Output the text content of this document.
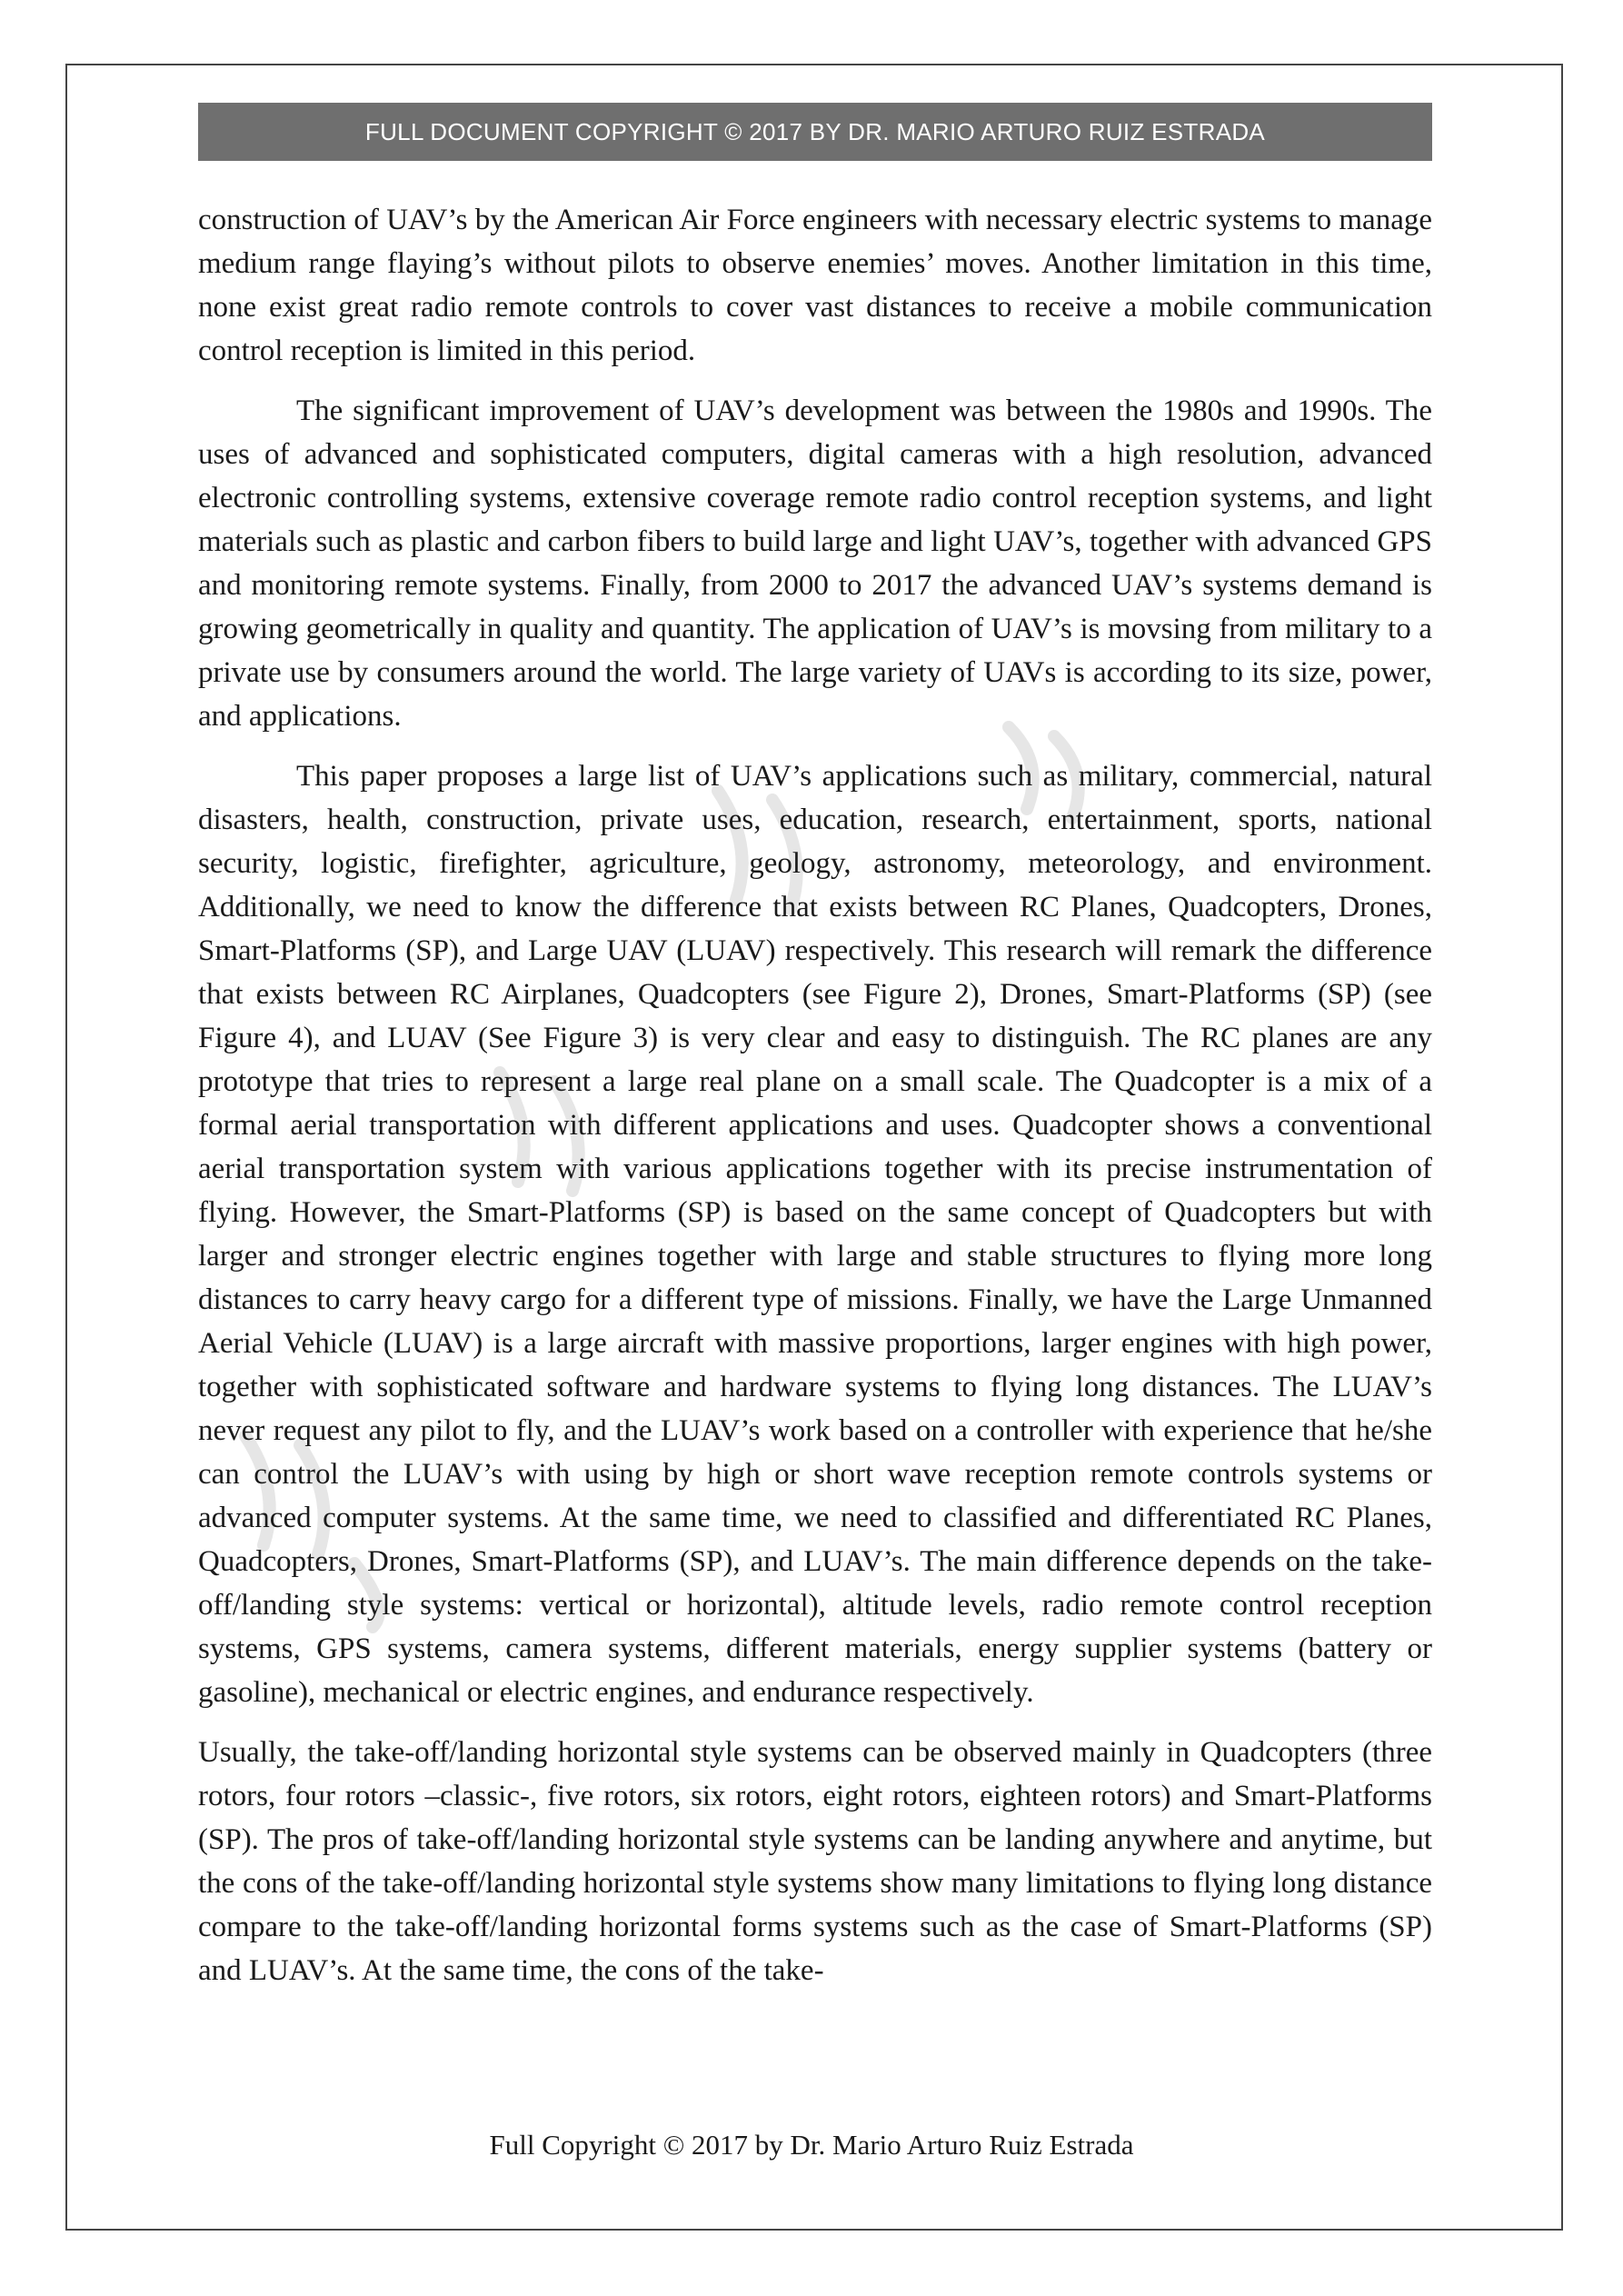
FULL DOCUMENT COPYRIGHT © 2017 BY DR. MARIO ARTURO RUIZ ESTRADA

construction of UAV’s by the American Air Force engineers with necessary electric systems to manage medium range flaying’s without pilots to observe enemies’ moves. Another limitation in this time, none exist great radio remote controls to cover vast distances to receive a mobile communication control reception is limited in this period.

The significant improvement of UAV’s development was between the 1980s and 1990s. The uses of advanced and sophisticated computers, digital cameras with a high resolution, advanced electronic controlling systems, extensive coverage remote radio control reception systems, and light materials such as plastic and carbon fibers to build large and light UAV’s, together with advanced GPS and monitoring remote systems. Finally, from 2000 to 2017 the advanced UAV’s systems demand is growing geometrically in quality and quantity. The application of UAV’s is movsing from military to a private use by consumers around the world. The large variety of UAVs is according to its size, power, and applications.

This paper proposes a large list of UAV’s applications such as military, commercial, natural disasters, health, construction, private uses, education, research, entertainment, sports, national security, logistic, firefighter, agriculture, geology, astronomy, meteorology, and environment. Additionally, we need to know the difference that exists between RC Planes, Quadcopters, Drones, Smart-Platforms (SP), and Large UAV (LUAV) respectively. This research will remark the difference that exists between RC Airplanes, Quadcopters (see Figure 2), Drones, Smart-Platforms (SP) (see Figure 4), and LUAV (See Figure 3) is very clear and easy to distinguish. The RC planes are any prototype that tries to represent a large real plane on a small scale. The Quadcopter is a mix of a formal aerial transportation with different applications and uses. Quadcopter shows a conventional aerial transportation system with various applications together with its precise instrumentation of flying. However, the Smart-Platforms (SP) is based on the same concept of Quadcopters but with larger and stronger electric engines together with large and stable structures to flying more long distances to carry heavy cargo for a different type of missions. Finally, we have the Large Unmanned Aerial Vehicle (LUAV) is a large aircraft with massive proportions, larger engines with high power, together with sophisticated software and hardware systems to flying long distances. The LUAV’s never request any pilot to fly, and the LUAV’s work based on a controller with experience that he/she can control the LUAV’s with using by high or short wave reception remote controls systems or advanced computer systems. At the same time, we need to classified and differentiated RC Planes, Quadcopters, Drones, Smart-Platforms (SP), and LUAV’s. The main difference depends on the take-off/landing style systems: vertical or horizontal), altitude levels, radio remote control reception systems, GPS systems, camera systems, different materials, energy supplier systems (battery or gasoline), mechanical or electric engines, and endurance respectively.

Usually, the take-off/landing horizontal style systems can be observed mainly in Quadcopters (three rotors, four rotors –classic-, five rotors, six rotors, eight rotors, eighteen rotors) and Smart-Platforms (SP). The pros of take-off/landing horizontal style systems can be landing anywhere and anytime, but the cons of the take-off/landing horizontal style systems show many limitations to flying long distance compare to the take-off/landing horizontal forms systems such as the case of Smart-Platforms (SP) and LUAV’s. At the same time, the cons of the take-

Full Copyright © 2017 by Dr. Mario Arturo Ruiz Estrada
